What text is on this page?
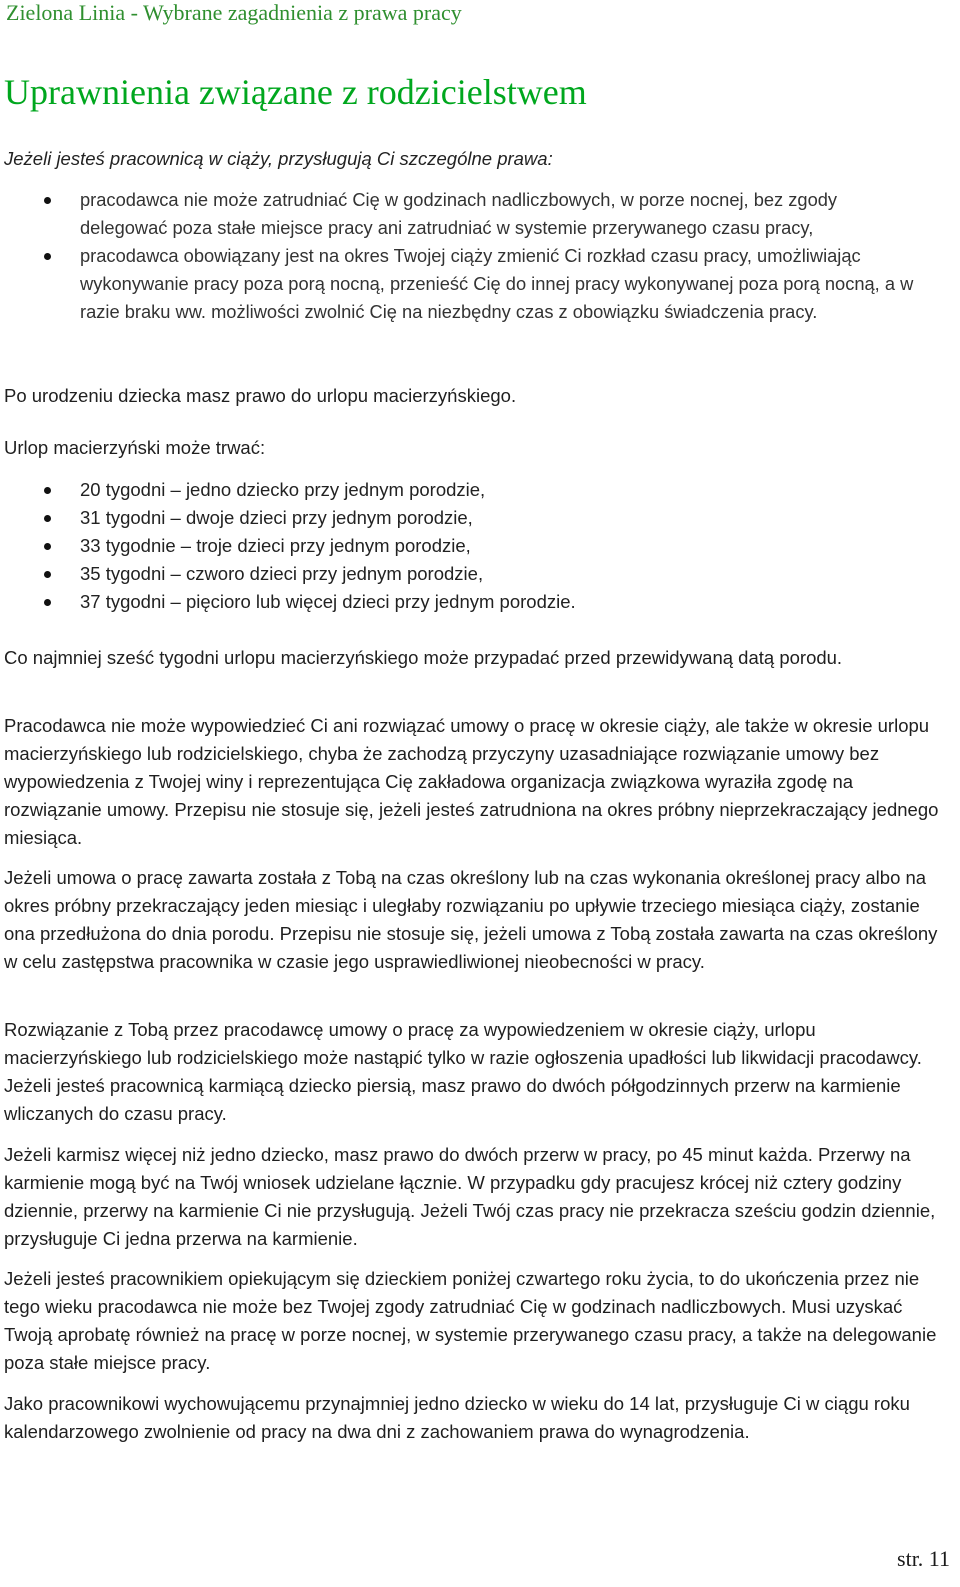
Zielona Linia - Wybrane zagadnienia z prawa pracy
Uprawnienia związane z rodzicielstwem
Jeżeli jesteś pracownicą w ciąży, przysługują Ci szczególne prawa:
pracodawca nie może zatrudniać Cię w godzinach nadliczbowych, w porze nocnej, bez zgody delegować poza stałe miejsce pracy ani zatrudniać w systemie przerywanego czasu pracy,
pracodawca obowiązany jest na okres Twojej ciąży zmienić Ci rozkład czasu pracy, umożliwiając wykonywanie pracy poza porą nocną, przenieść Cię do innej pracy wykonywanej poza porą nocną, a w razie braku ww. możliwości zwolnić Cię na niezbędny czas z obowiązku świadczenia pracy.
Po urodzeniu dziecka masz prawo do urlopu macierzyńskiego.
Urlop macierzyński może trwać:
20 tygodni – jedno dziecko przy jednym porodzie,
31 tygodni – dwoje dzieci przy jednym porodzie,
33 tygodnie – troje dzieci przy jednym porodzie,
35 tygodni – czworo dzieci przy jednym porodzie,
37 tygodni – pięcioro lub więcej dzieci przy jednym porodzie.
Co najmniej sześć tygodni urlopu macierzyńskiego może przypadać przed przewidywaną datą porodu.
Pracodawca nie może wypowiedzieć Ci ani rozwiązać umowy o pracę w okresie ciąży, ale także w okresie urlopu macierzyńskiego lub rodzicielskiego, chyba że zachodzą przyczyny uzasadniające rozwiązanie umowy bez wypowiedzenia z Twojej winy i reprezentująca Cię zakładowa organizacja związkowa wyraziła zgodę na rozwiązanie umowy. Przepisu nie stosuje się, jeżeli jesteś zatrudniona na okres próbny nieprzekraczający jednego miesiąca.
Jeżeli umowa o pracę zawarta została z Tobą na czas określony lub na czas wykonania określonej pracy albo na okres próbny przekraczający jeden miesiąc i uległaby rozwiązaniu po upływie trzeciego miesiąca ciąży, zostanie ona przedłużona do dnia porodu. Przepisu nie stosuje się, jeżeli umowa z Tobą została zawarta na czas określony w celu zastępstwa pracownika w czasie jego usprawiedliwionej nieobecności w pracy.
Rozwiązanie z Tobą przez pracodawcę umowy o pracę za wypowiedzeniem w okresie ciąży, urlopu macierzyńskiego lub rodzicielskiego może nastąpić tylko w razie ogłoszenia upadłości lub likwidacji pracodawcy. Jeżeli jesteś pracownicą karmiącą dziecko piersią, masz prawo do dwóch półgodzinnych przerw na karmienie wliczanych do czasu pracy.
Jeżeli karmisz więcej niż jedno dziecko, masz prawo do dwóch przerw w pracy, po 45 minut każda. Przerwy na karmienie mogą być na Twój wniosek udzielane łącznie. W przypadku gdy pracujesz krócej niż cztery godziny dziennie, przerwy na karmienie Ci nie przysługują. Jeżeli Twój czas pracy nie przekracza sześciu godzin dziennie, przysługuje Ci jedna przerwa na karmienie.
Jeżeli jesteś pracownikiem opiekującym się dzieckiem poniżej czwartego roku życia, to do ukończenia przez nie tego wieku pracodawca nie może bez Twojej zgody zatrudniać Cię w godzinach nadliczbowych. Musi uzyskać Twoją aprobatę również na pracę w porze nocnej, w systemie przerywanego czasu pracy, a także na delegowanie poza stałe miejsce pracy.
Jako pracownikowi wychowującemu przynajmniej jedno dziecko w wieku do 14 lat, przysługuje Ci w ciągu roku kalendarzowego zwolnienie od pracy na dwa dni z zachowaniem prawa do wynagrodzenia.
str. 11
